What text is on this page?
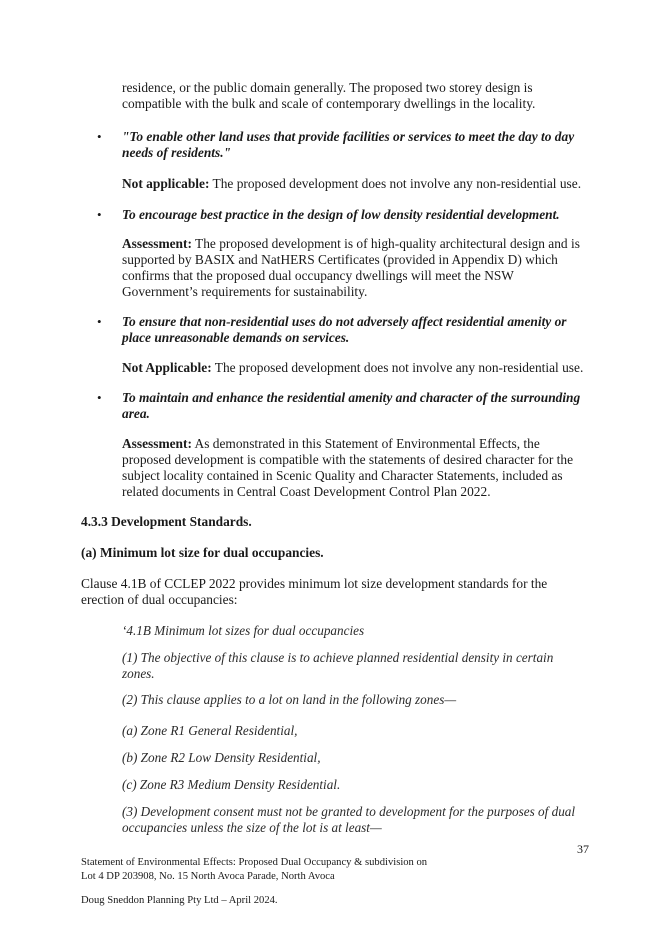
residence, or the public domain generally. The proposed two storey design is

compatible with the bulk and scale of contemporary dwellings in the locality.

• "To enable other land uses that provide facilities or services to meet the day to day

needs of residents."

Not applicable: The proposed development does not involve any non-residential use.

• To encourage best practice in the design of low density residential development.

Assessment: The proposed development is of high-quality architectural design and is

supported by BASIX and NatHERS Certificates (provided in Appendix D) which

confirms that the proposed dual occupancy dwellings will meet the NSW

Government’s requirements for sustainability.

• To ensure that non-residential uses do not adversely affect residential amenity or

place unreasonable demands on services.

Not Applicable: The proposed development does not involve any non-residential use.

• To maintain and enhance the residential amenity and character of the surrounding

area.

Assessment: As demonstrated in this Statement of Environmental Effects, the

proposed development is compatible with the statements of desired character for the

subject locality contained in Scenic Quality and Character Statements, included as

related documents in Central Coast Development Control Plan 2022.

4.3.3 Development Standards.
(a) Minimum lot size for dual occupancies.

Clause 4.1B of CCLEP 2022 provides minimum lot size development standards for the

erection of dual occupancies:

‘4.1B Minimum lot sizes for dual occupancies

(1) The objective of this clause is to achieve planned residential density in certain

zones.

(2) This clause applies to a lot on land in the following zones—
(a) Zone R1 General Residential,
(b) Zone R2 Low Density Residential,
(c) Zone R3 Medium Density Residential.

(3) Development consent must not be granted to development for the purposes of dual

occupancies unless the size of the lot is at least—

37

Statement of Environmental Effects: Proposed Dual Occupancy & subdivision on

Lot 4 DP 203908, No. 15 North Avoca Parade, North Avoca

Doug Sneddon Planning Pty Ltd – April 2024.
